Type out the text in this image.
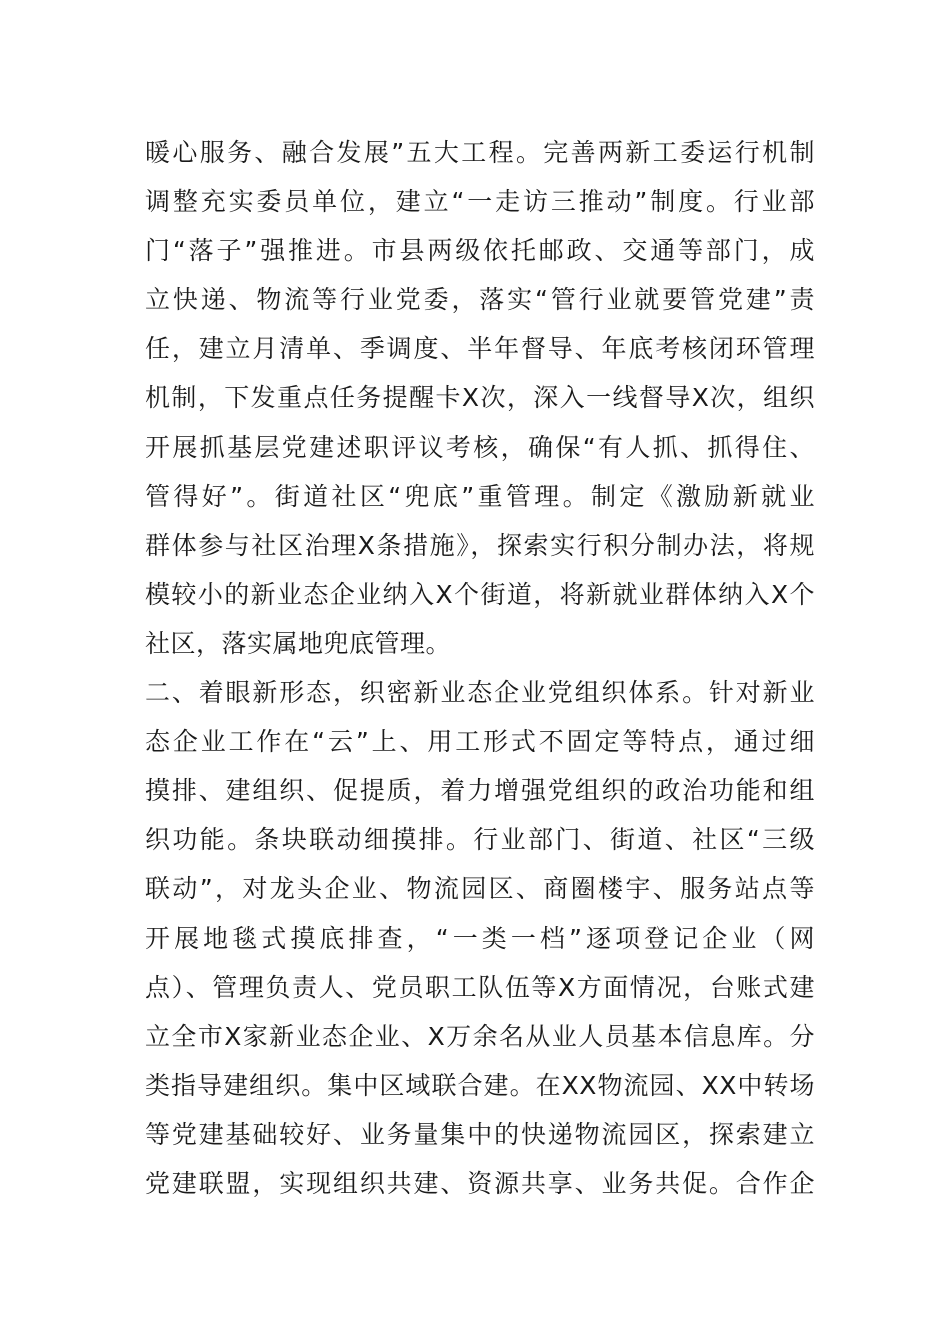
暖心服务、融合发展”五大工程。完善两新工委运行机制
调整充实委员单位，建立“一走访三推动”制度。行业部
门“落子”强推进。市县两级依托邮政、交通等部门，成
立快递、物流等行业党委，落实“管行业就要管党建”责
任，建立月清单、季调度、半年督导、年底考核闭环管理
机制，下发重点任务提醒卡X次，深入一线督导X次，组织
开展抓基层党建述职评议考核，确保“有人抓、抓得住、
管得好”。街道社区“兜底”重管理。制定《激励新就业
群体参与社区治理X条措施》，探索实行积分制办法，将规
模较小的新业态企业纳入X个街道，将新就业群体纳入X个
社区，落实属地兜底管理。
二、着眼新形态，织密新业态企业党组织体系。针对新业
态企业工作在“云”上、用工形式不固定等特点，通过细
摸排、建组织、促提质，着力增强党组织的政治功能和组
织功能。条块联动细摸排。行业部门、街道、社区“三级
联动”，对龙头企业、物流园区、商圈楼宇、服务站点等
开展地毯式摸底排查，“一类一档”逐项登记企业（网
点）、管理负责人、党员职工队伍等X方面情况，台账式建
立全市X家新业态企业、X万余名从业人员基本信息库。分
类指导建组织。集中区域联合建。在XX物流园、XX中转场
等党建基础较好、业务量集中的快递物流园区，探索建立
党建联盟，实现组织共建、资源共享、业务共促。合作企
